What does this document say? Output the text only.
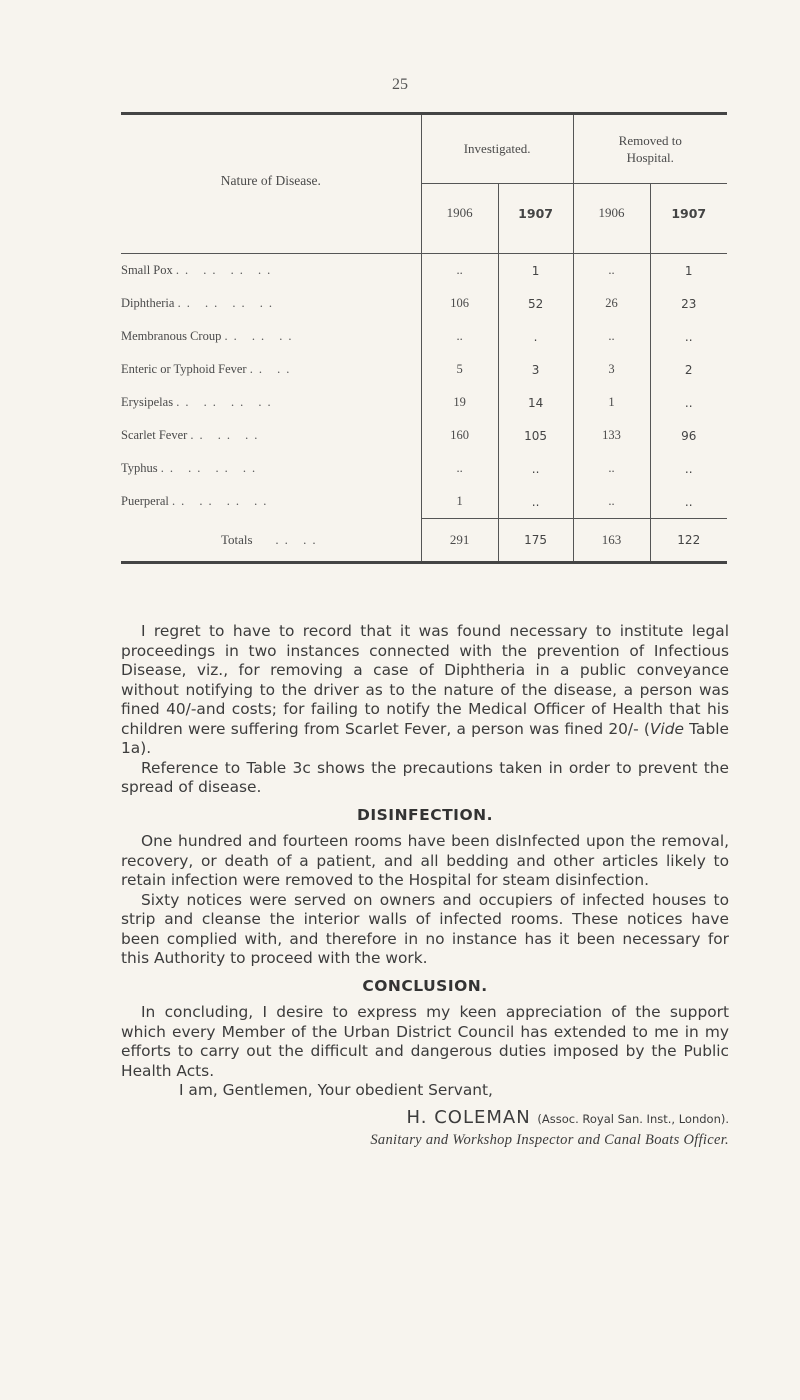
25
Nature of Disease.	Investigated.		Removed to Hospital.	
	1906	1907	1906	1907

Small Pox .. .. .. ..	..	1	..	1
Diphtheria .. .. .. ..	106	52	26	23
Membranous Croup .. .. ..	..	.	..	..
Enteric or Typhoid Fever .. ..	5	3	3	2
Erysipelas .. .. .. ..	19	14	1	..
Scarlet Fever .. .. ..	160	105	133	96
Typhus .. .. .. ..	..	..	..	..
Puerperal .. .. .. ..	1	..	..	..
Totals .. ..	291	175	163	122

I regret to have to record that it was found necessary to institute legal proceedings in two instances connected with the prevention of Infectious Disease, viz., for removing a case of Diphtheria in a public conveyance without notifying to the driver as to the nature of the disease, a person was fined 40/-and costs; for failing to notify the Medical Officer of Health that his children were suffering from Scarlet Fever, a person was fined 20/- (Vide Table 1a).

Reference to Table 3c shows the precautions taken in order to prevent the spread of disease.

DISINFECTION.

One hundred and fourteen rooms have been disInfected upon the removal, recovery, or death of a patient, and all bedding and other articles likely to retain infection were removed to the Hospital for steam disinfection.

Sixty notices were served on owners and occupiers of infected houses to strip and cleanse the interior walls of infected rooms. These notices have been complied with, and therefore in no instance has it been necessary for this Authority to proceed with the work.

CONCLUSION.

In concluding, I desire to express my keen appreciation of the support which every Member of the Urban District Council has extended to me in my efforts to carry out the difficult and dangerous duties imposed by the Public Health Acts.

I am, Gentlemen, Your obedient Servant,

H. COLEMAN (Assoc. Royal San. Inst., London).
Sanitary and Workshop Inspector and Canal Boats Officer.
